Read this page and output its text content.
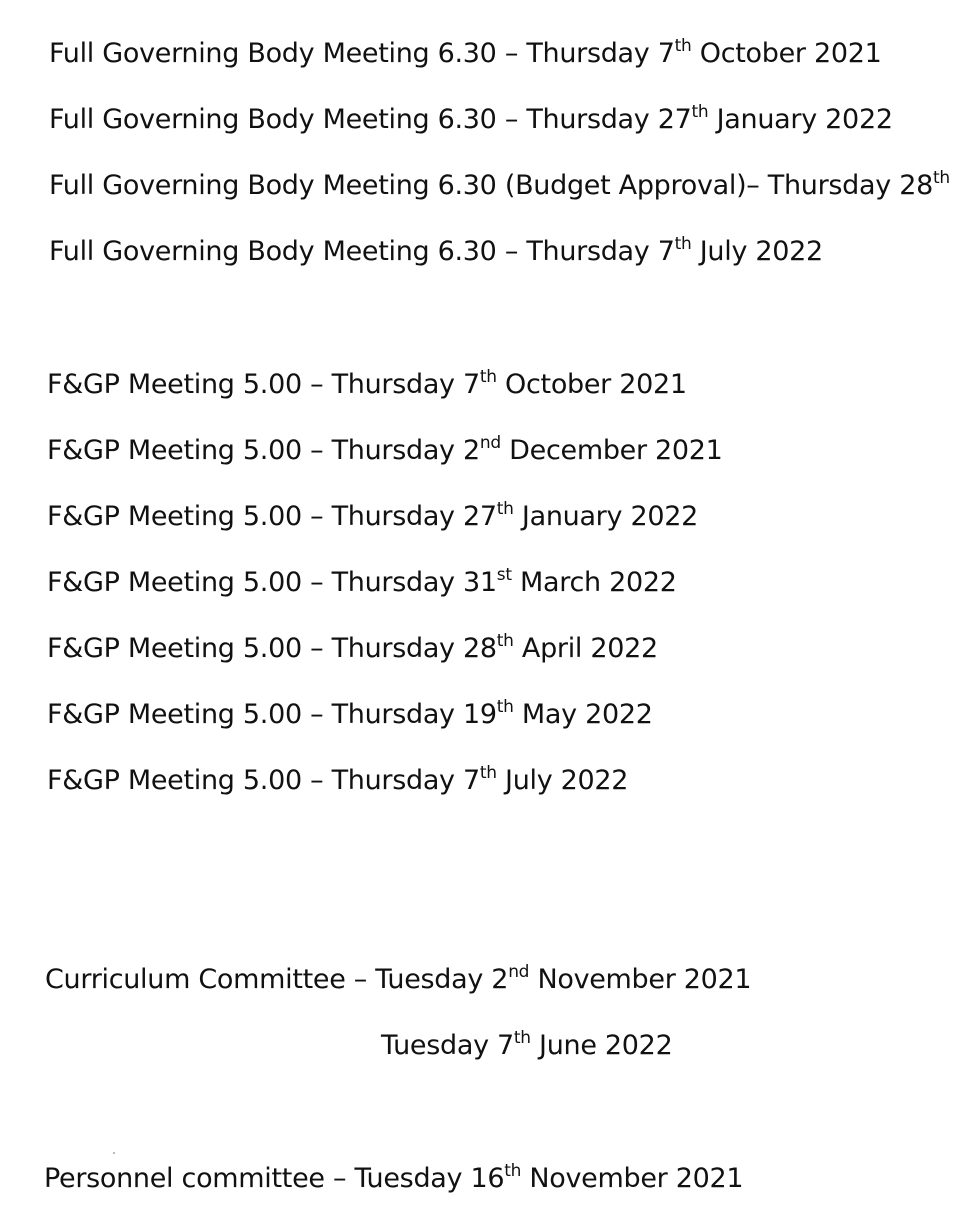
Full Governing Body Meeting 6.30 – Thursday 7th October 2021
Full Governing Body Meeting 6.30 – Thursday 27th January 2022
Full Governing Body Meeting 6.30 (Budget Approval)– Thursday 28th
Full Governing Body Meeting 6.30 – Thursday 7th July 2022
F&GP Meeting 5.00 – Thursday 7th October 2021
F&GP Meeting 5.00 – Thursday 2nd December 2021
F&GP Meeting 5.00 – Thursday 27th January 2022
F&GP Meeting 5.00 – Thursday 31st March 2022
F&GP Meeting 5.00 – Thursday 28th April 2022
F&GP Meeting 5.00 – Thursday 19th May 2022
F&GP Meeting 5.00 – Thursday 7th July 2022
Curriculum Committee – Tuesday 2nd November 2021
Tuesday 7th June 2022
Personnel committee – Tuesday 16th November 2021
